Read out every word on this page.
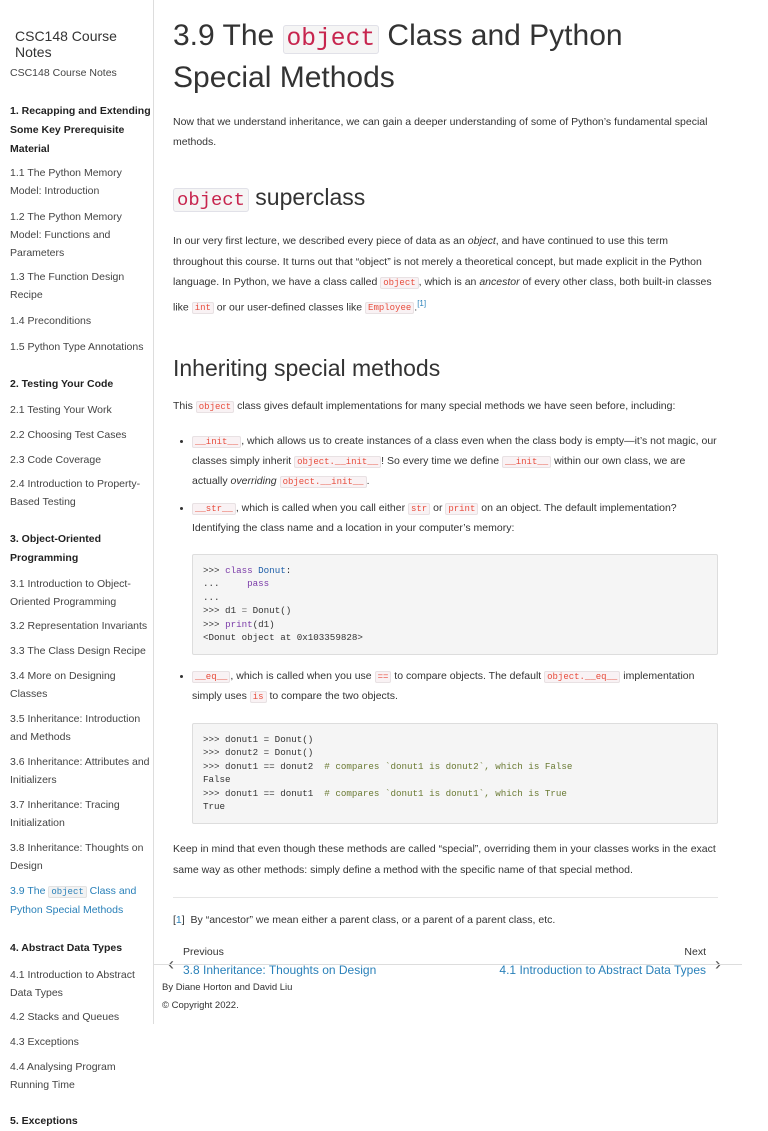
CSC148 Course Notes
CSC148 Course Notes
1. Recapping and Extending Some Key Prerequisite Material
1.1 The Python Memory Model: Introduction
1.2 The Python Memory Model: Functions and Parameters
1.3 The Function Design Recipe
1.4 Preconditions
1.5 Python Type Annotations
2. Testing Your Code
2.1 Testing Your Work
2.2 Choosing Test Cases
2.3 Code Coverage
2.4 Introduction to Property-Based Testing
3. Object-Oriented Programming
3.1 Introduction to Object-Oriented Programming
3.2 Representation Invariants
3.3 The Class Design Recipe
3.4 More on Designing Classes
3.5 Inheritance: Introduction and Methods
3.6 Inheritance: Attributes and Initializers
3.7 Inheritance: Tracing Initialization
3.8 Inheritance: Thoughts on Design
3.9 The object Class and Python Special Methods
4. Abstract Data Types
4.1 Introduction to Abstract Data Types
4.2 Stacks and Queues
4.3 Exceptions
4.4 Analysing Program Running Time
5. Exceptions
3.9 The object Class and Python Special Methods

Now that we understand inheritance, we can gain a deeper understanding of some of Python’s fundamental special methods.

object superclass

In our very first lecture, we described every piece of data as an object, and have continued to use this term throughout this course. It turns out that “object” is not merely a theoretical concept, but made explicit in the Python language. In Python, we have a class called object , which is an ancestor of every other class, both built-in classes like int or our user-defined classes like Employee .[1]

Inheriting special methods

This object class gives default implementations for many special methods we have seen before, including:

• __init__ , which allows us to create instances of a class even when the class body is empty—it’s not magic, our classes simply inherit object.__init__ ! So every time we define __init__ within our own class, we are actually overriding object.__init__ .
• __str__ , which is called when you call either str or print on an object. The default implementation? Identifying the class name and a location in your computer’s memory:
>>> class Donut:
...     pass
...
>>> d1 = Donut()
>>> print(d1)
<Donut object at 0x103359828>
• __eq__ , which is called when you use == to compare objects. The default object.__eq__ implementation simply uses is to compare the two objects.
>>> donut1 = Donut()
>>> donut2 = Donut()
>>> donut1 == donut2  # compares `donut1 is donut2`, which is False
False
>>> donut1 == donut1  # compares `donut1 is donut1`, which is True
True

Keep in mind that even though these methods are called “special”, overriding them in your classes works in the exact same way as other methods: simply define a method with the specific name of that special method.

[1]  By “ancestor” we mean either a parent class, or a parent of a parent class, etc.

‹
Previous
3.8 Inheritance: Thoughts on Design	›
Next
4.1 Introduction to Abstract Data Types
By Diane Horton and David Liu
© Copyright 2022.
